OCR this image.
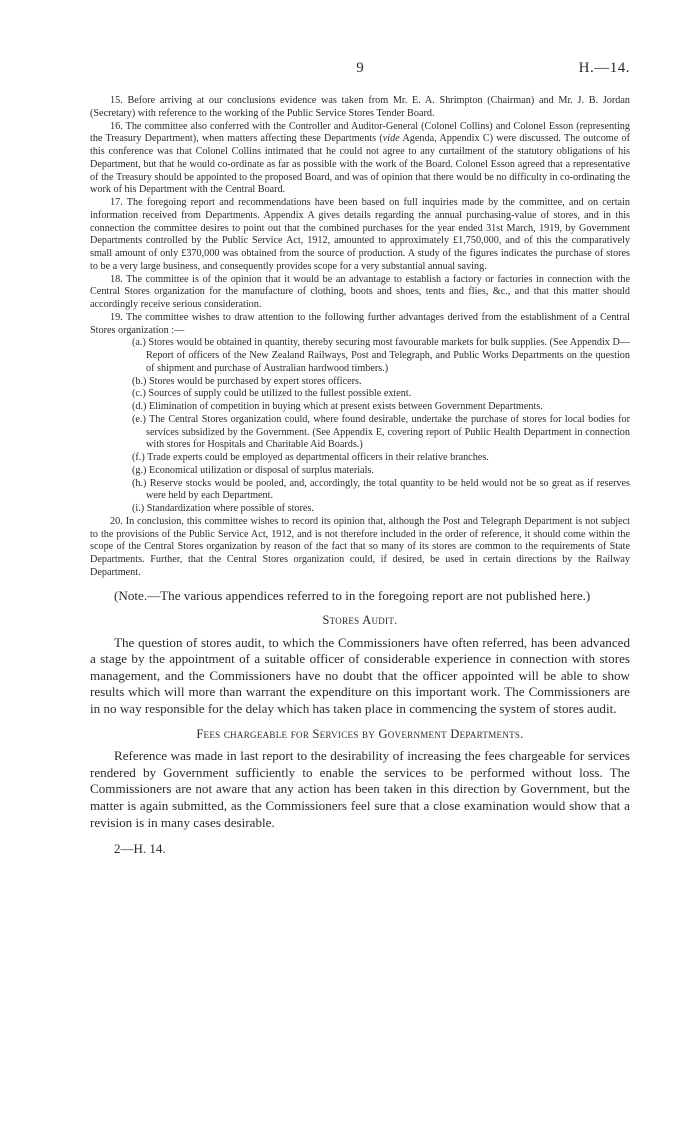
9	H.—14.

15. Before arriving at our conclusions evidence was taken from Mr. E. A. Shrimpton (Chairman) and Mr. J. B. Jordan (Secretary) with reference to the working of the Public Service Stores Tender Board.

16. The committee also conferred with the Controller and Auditor-General (Colonel Collins) and Colonel Esson (representing the Treasury Department), when matters affecting these Departments (vide Agenda, Appendix C) were discussed. The outcome of this conference was that Colonel Collins intimated that he could not agree to any curtailment of the statutory obligations of his Department, but that he would co-ordinate as far as possible with the work of the Board. Colonel Esson agreed that a representative of the Treasury should be appointed to the proposed Board, and was of opinion that there would be no difficulty in co-ordinating the work of his Department with the Central Board.

17. The foregoing report and recommendations have been based on full inquiries made by the committee, and on certain information received from Departments. Appendix A gives details regarding the annual purchasing-value of stores, and in this connection the committee desires to point out that the combined purchases for the year ended 31st March, 1919, by Government Departments controlled by the Public Service Act, 1912, amounted to approximately £1,750,000, and of this the comparatively small amount of only £370,000 was obtained from the source of production. A study of the figures indicates the purchase of stores to be a very large business, and consequently provides scope for a very substantial annual saving.

18. The committee is of the opinion that it would be an advantage to establish a factory or factories in connection with the Central Stores organization for the manufacture of clothing, boots and shoes, tents and flies, &c., and that this matter should accordingly receive serious consideration.

19. The committee wishes to draw attention to the following further advantages derived from the establishment of a Central Stores organization :—

(a.) Stores would be obtained in quantity, thereby securing most favourable markets for bulk supplies. (See Appendix D—Report of officers of the New Zealand Railways, Post and Telegraph, and Public Works Departments on the question of shipment and purchase of Australian hardwood timbers.)
(b.) Stores would be purchased by expert stores officers.
(c.) Sources of supply could be utilized to the fullest possible extent.
(d.) Elimination of competition in buying which at present exists between Government Departments.
(e.) The Central Stores organization could, where found desirable, undertake the purchase of stores for local bodies for services subsidized by the Government. (See Appendix E, covering report of Public Health Department in connection with stores for Hospitals and Charitable Aid Boards.)
(f.) Trade experts could be employed as departmental officers in their relative branches.
(g.) Economical utilization or disposal of surplus materials.
(h.) Reserve stocks would be pooled, and, accordingly, the total quantity to be held would not be so great as if reserves were held by each Department.
(i.) Standardization where possible of stores.

20. In conclusion, this committee wishes to record its opinion that, although the Post and Telegraph Department is not subject to the provisions of the Public Service Act, 1912, and is not therefore included in the order of reference, it should come within the scope of the Central Stores organization by reason of the fact that so many of its stores are common to the requirements of State Departments. Further, that the Central Stores organization could, if desired, be used in certain directions by the Railway Department.

(Note.—The various appendices referred to in the foregoing report are not published here.)

Stores Audit.

The question of stores audit, to which the Commissioners have often referred, has been advanced a stage by the appointment of a suitable officer of considerable experience in connection with stores management, and the Commissioners have no doubt that the officer appointed will be able to show results which will more than warrant the expenditure on this important work. The Commissioners are in no way responsible for the delay which has taken place in commencing the system of stores audit.

Fees chargeable for Services by Government Departments.

Reference was made in last report to the desirability of increasing the fees chargeable for services rendered by Government sufficiently to enable the services to be performed without loss. The Commissioners are not aware that any action has been taken in this direction by Government, but the matter is again submitted, as the Commissioners feel sure that a close examination would show that a revision is in many cases desirable.

2—H. 14.
